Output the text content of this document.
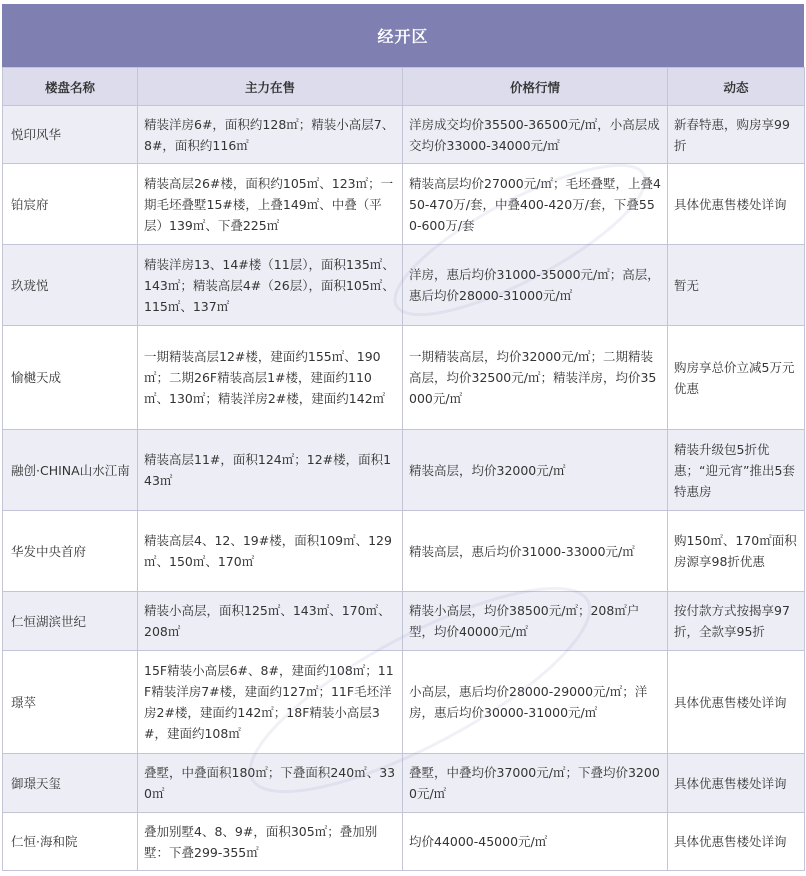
经开区
楼盘名称	主力在售	价格行情	动态
悦印风华	精装洋房6#，面积约128㎡；精装小高层7、8#，面积约116㎡	洋房成交均价35500-36500元/㎡，小高层成交均价33000-34000元/㎡	新春特惠，购房享99折
铂宸府	精装高层26#楼，面积约105㎡、123㎡；一期毛坯叠墅15#楼，上叠149㎡、中叠（平层）139㎡、下叠225㎡	精装高层均价27000元/㎡；毛坯叠墅，上叠450-470万/套，中叠400-420万/套，下叠550-600万/套	具体优惠售楼处详询
玖珑悦	精装洋房13、14#楼（11层），面积135㎡、143㎡；精装高层4#（26层），面积105㎡、115㎡、137㎡	洋房，惠后均价31000-35000元/㎡；高层，惠后均价28000-31000元/㎡	暂无
愉樾天成	一期精装高层12#楼，建面约155㎡、190㎡；二期26F精装高层1#楼，建面约110㎡、130㎡；精装洋房2#楼，建面约142㎡	一期精装高层，均价32000元/㎡；二期精装高层，均价32500元/㎡；精装洋房，均价35000元/㎡	购房享总价立减5万元优惠
融创·CHINA山水江南	精装高层11#，面积124㎡；12#楼，面积143㎡	精装高层，均价32000元/㎡	精装升级包5折优惠；“迎元宵”推出5套特惠房
华发中央首府	精装高层4、12、19#楼，面积109㎡、129㎡、150㎡、170㎡	精装高层，惠后均价31000-33000元/㎡	购150㎡、170㎡面积房源享98折优惠
仁恒湖滨世纪	精装小高层，面积125㎡、143㎡、170㎡、208㎡	精装小高层，均价38500元/㎡；208㎡户型，均价40000元/㎡	按付款方式按揭享97折，全款享95折
璟萃	15F精装小高层6#、8#，建面约108㎡；11F精装洋房7#楼，建面约127㎡；11F毛坯洋房2#楼，建面约142㎡；18F精装小高层3#，建面约108㎡	小高层，惠后均价28000-29000元/㎡；洋房，惠后均价30000-31000元/㎡	具体优惠售楼处详询
御璟天玺	叠墅，中叠面积180㎡；下叠面积240㎡、330㎡	叠墅，中叠均价37000元/㎡；下叠均价32000元/㎡	具体优惠售楼处详询
仁恒·海和院	叠加别墅4、8、9#，面积305㎡；叠加别墅：下叠299-355㎡	均价44000-45000元/㎡	具体优惠售楼处详询
